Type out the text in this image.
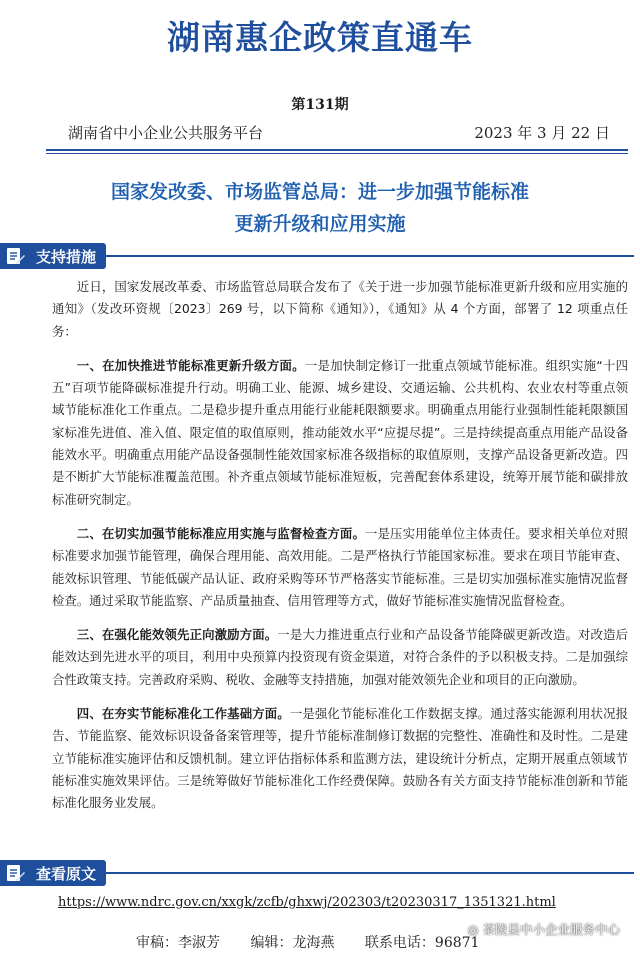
湖南惠企政策直通车
第131期
湖南省中小企业公共服务平台	2023 年 3 月 22 日
国家发改委、市场监管总局：进一步加强节能标准
更新升级和应用实施
支持措施

近日，国家发展改革委、市场监管总局联合发布了《关于进一步加强节能标准更新升级和应用实施的通知》（发改环资规〔2023〕269 号，以下简称《通知》），《通知》从 4 个方面，部署了 12 项重点任务：

一、在加快推进节能标准更新升级方面。一是加快制定修订一批重点领域节能标准。组织实施“十四五”百项节能降碳标准提升行动。明确工业、能源、城乡建设、交通运输、公共机构、农业农村等重点领域节能标准化工作重点。二是稳步提升重点用能行业能耗限额要求。明确重点用能行业强制性能耗限额国家标准先进值、准入值、限定值的取值原则，推动能效水平“应提尽提”。三是持续提高重点用能产品设备能效水平。明确重点用能产品设备强制性能效国家标准各级指标的取值原则，支撑产品设备更新改造。四是不断扩大节能标准覆盖范围。补齐重点领域节能标准短板，完善配套体系建设，统筹开展节能和碳排放标准研究制定。

二、在切实加强节能标准应用实施与监督检查方面。一是压实用能单位主体责任。要求相关单位对照标准要求加强节能管理，确保合理用能、高效用能。二是严格执行节能国家标准。要求在项目节能审查、能效标识管理、节能低碳产品认证、政府采购等环节严格落实节能标准。三是切实加强标准实施情况监督检查。通过采取节能监察、产品质量抽查、信用管理等方式，做好节能标准实施情况监督检查。

三、在强化能效领先正向激励方面。一是大力推进重点行业和产品设备节能降碳更新改造。对改造后能效达到先进水平的项目，利用中央预算内投资现有资金渠道，对符合条件的予以积极支持。二是加强综合性政策支持。完善政府采购、税收、金融等支持措施，加强对能效领先企业和项目的正向激励。

四、在夯实节能标准化工作基础方面。一是强化节能标准化工作数据支撑。通过落实能源利用状况报告、节能监察、能效标识设备备案管理等，提升节能标准制修订数据的完整性、准确性和及时性。二是建立节能标准实施评估和反馈机制。建立评估指标体系和监测方法，建设统计分析点，定期开展重点领域节能标准实施效果评估。三是统筹做好节能标准化工作经费保障。鼓励各有关方面支持节能标准创新和节能标准化服务业发展。

查看原文
https://www.ndrc.gov.cn/xxgk/zcfb/ghxwj/202303/t20230317_1351321.html
审稿：李淑芳 编辑：龙海燕 联系电话：96871
◎ 茶陵县中小企业服务中心
